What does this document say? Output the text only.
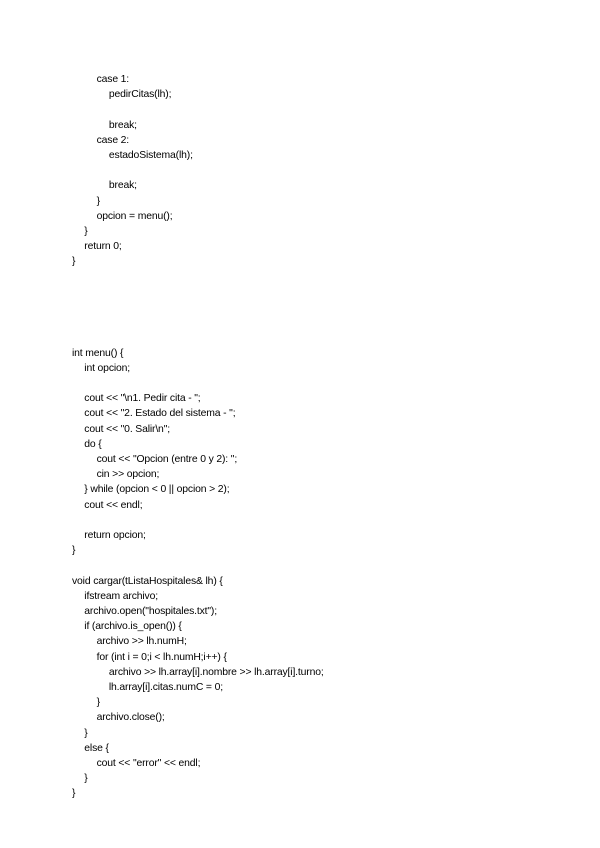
case 1:
pedirCitas(lh);
break;
case 2:
estadoSistema(lh);
break;
}
opcion = menu();
}
return 0;
}
int menu() {
int opcion;
cout << "\n1. Pedir cita - ";
cout << "2. Estado del sistema - ";
cout << "0. Salir\n";
do {
cout << "Opcion (entre 0 y 2): ";
cin >> opcion;
} while (opcion < 0 || opcion > 2);
cout << endl;
return opcion;
}
void cargar(tListaHospitales& lh) {
ifstream archivo;
archivo.open("hospitales.txt");
if (archivo.is_open()) {
archivo >> lh.numH;
for (int i = 0;i < lh.numH;i++) {
archivo >> lh.array[i].nombre >> lh.array[i].turno;
lh.array[i].citas.numC = 0;
}
archivo.close();
}
else {
cout << "error" << endl;
}
}
